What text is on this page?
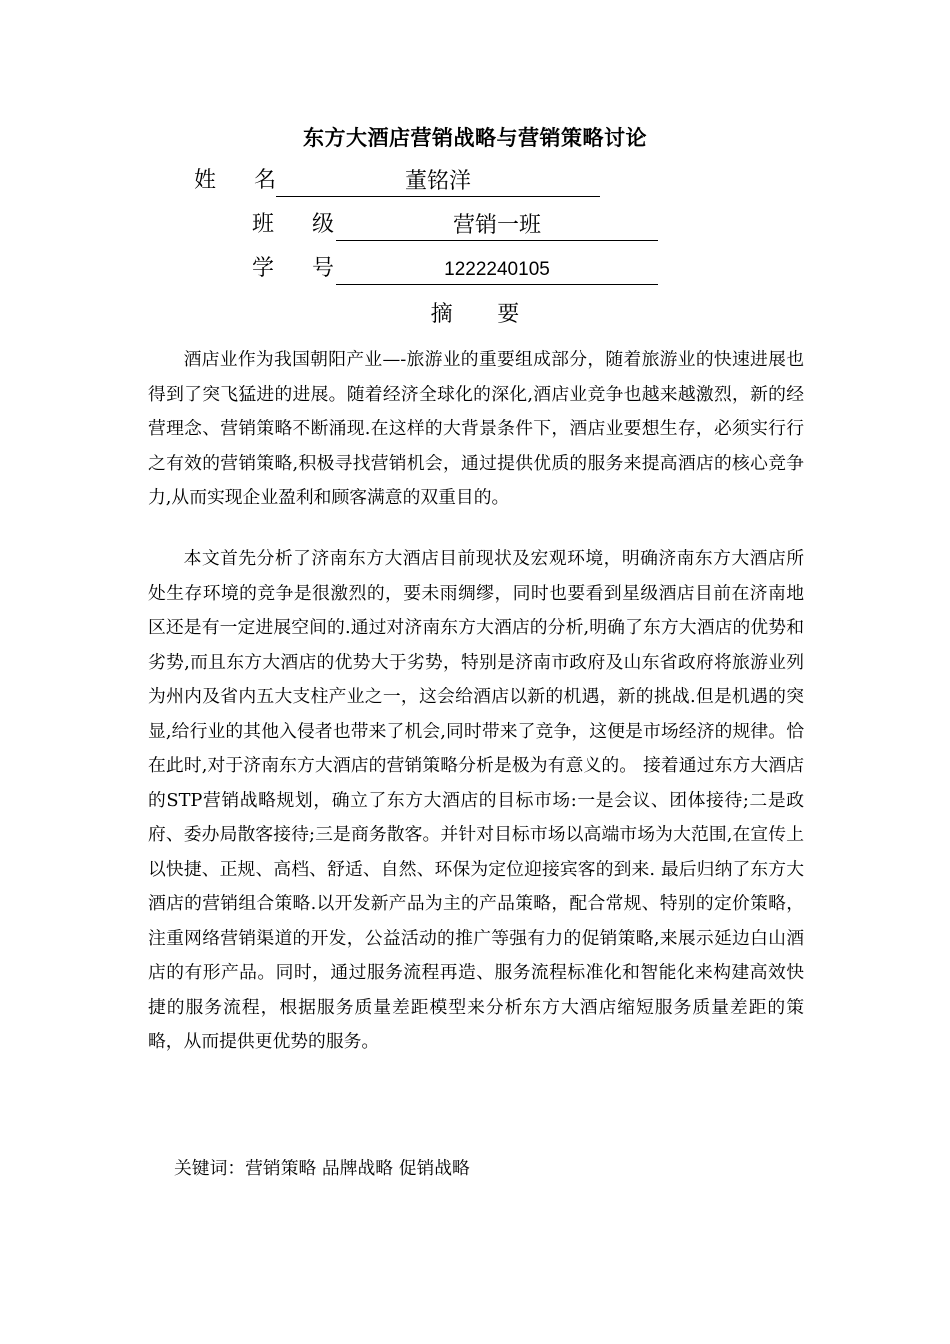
东方大酒店营销战略与营销策略讨论
姓 名	董铭洋
班 级	营销一班
学 号	1222240105
摘　　要

酒店业作为我国朝阳产业—-旅游业的重要组成部分，随着旅游业的快速进展也得到了突飞猛进的进展。随着经济全球化的深化,酒店业竞争也越来越激烈，新的经营理念、营销策略不断涌现.在这样的大背景条件下，酒店业要想生存，必须实行行之有效的营销策略,积极寻找营销机会，通过提供优质的服务来提高酒店的核心竞争力,从而实现企业盈利和顾客满意的双重目的。

本文首先分析了济南东方大酒店目前现状及宏观环境，明确济南东方大酒店所处生存环境的竞争是很激烈的，要未雨绸缪，同时也要看到星级酒店目前在济南地区还是有一定进展空间的.通过对济南东方大酒店的分析,明确了东方大酒店的优势和劣势,而且东方大酒店的优势大于劣势，特别是济南市政府及山东省政府将旅游业列为州内及省内五大支柱产业之一，这会给酒店以新的机遇，新的挑战.但是机遇的突显,给行业的其他入侵者也带来了机会,同时带来了竞争，这便是市场经济的规律。恰在此时,对于济南东方大酒店的营销策略分析是极为有意义的。 接着通过东方大酒店的STP营销战略规划，确立了东方大酒店的目标市场:一是会议、团体接待;二是政府、委办局散客接待;三是商务散客。并针对目标市场以高端市场为大范围,在宣传上以快捷、正规、高档、舒适、自然、环保为定位迎接宾客的到来. 最后归纳了东方大酒店的营销组合策略.以开发新产品为主的产品策略，配合常规、特别的定价策略，注重网络营销渠道的开发，公益活动的推广等强有力的促销策略,来展示延边白山酒店的有形产品。同时，通过服务流程再造、服务流程标准化和智能化来构建高效快捷的服务流程，根据服务质量差距模型来分析东方大酒店缩短服务质量差距的策略，从而提供更优势的服务。

关键词：营销策略 品牌战略 促销战略
